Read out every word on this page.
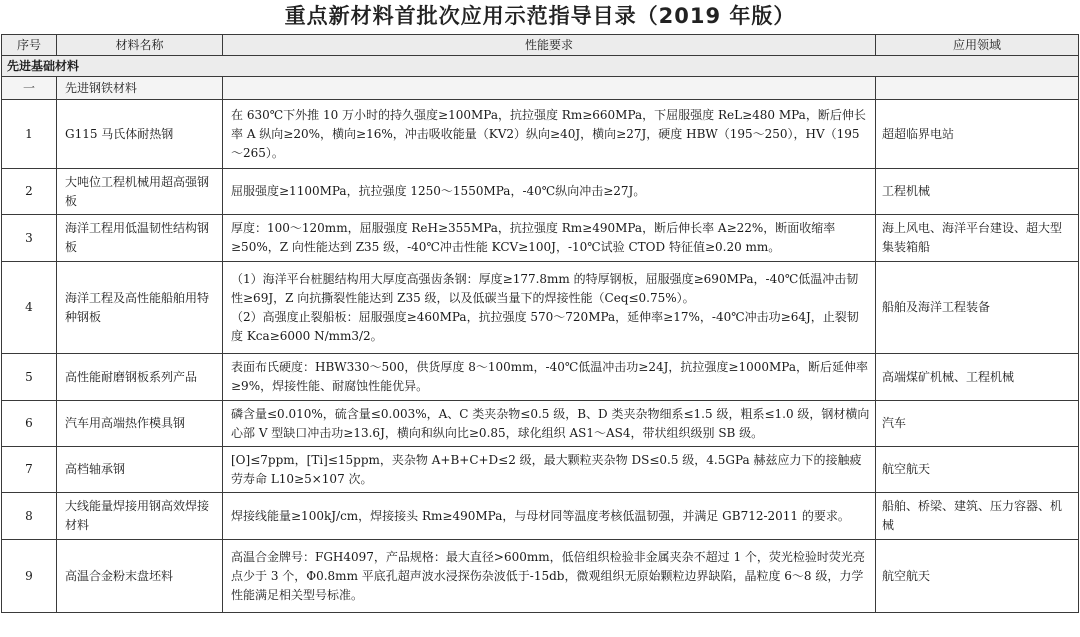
重点新材料首批次应用示范指导目录（2019 年版）
序号	材料名称	性能要求	应用领域
先进基础材料			
一	先进钢铁材料		
1	G115 马氏体耐热钢	在 630℃下外推 10 万小时的持久强度≥100MPa，抗拉强度 Rm≥660MPa，下屈服强度 ReL≥480 MPa，断后伸长率 A 纵向≥20%，横向≥16%，冲击吸收能量（KV2）纵向≥40J，横向≥27J，硬度 HBW（195～250），HV（195～265）。	超超临界电站
2	大吨位工程机械用超高强钢板	屈服强度≥1100MPa，抗拉强度 1250～1550MPa，-40℃纵向冲击≥27J。	工程机械
3	海洋工程用低温韧性结构钢板	厚度：100～120mm，屈服强度 ReH≥355MPa，抗拉强度 Rm≥490MPa，断后伸长率 A≥22%，断面收缩率≥50%，Z 向性能达到 Z35 级，-40℃冲击性能 KCV≥100J，-10℃试验 CTOD 特征值≥0.20 mm。	海上风电、海洋平台建设、超大型集装箱船
4	海洋工程及高性能船舶用特种钢板	（1）海洋平台桩腿结构用大厚度高强齿条钢：厚度≥177.8mm 的特厚钢板，屈服强度≥690MPa，-40℃低温冲击韧性≥69J，Z 向抗撕裂性能达到 Z35 级，以及低碳当量下的焊接性能（Ceq≤0.75%）。
（2）高强度止裂船板：屈服强度≥460MPa，抗拉强度 570～720MPa，延伸率≥17%，-40℃冲击功≥64J，止裂韧度 Kca≥6000 N/mm3/2。	船舶及海洋工程装备
5	高性能耐磨钢板系列产品	表面布氏硬度：HBW330～500，供货厚度 8～100mm，-40℃低温冲击功≥24J，抗拉强度≥1000MPa，断后延伸率≥9%，焊接性能、耐腐蚀性能优异。	高端煤矿机械、工程机械
6	汽车用高端热作模具钢	磷含量≤0.010%，硫含量≤0.003%，A、C 类夹杂物≤0.5 级，B、D 类夹杂物细系≤1.5 级，粗系≤1.0 级，钢材横向心部 V 型缺口冲击功≥13.6J，横向和纵向比≥0.85，球化组织 AS1～AS4，带状组织级别 SB 级。	汽车
7	高档轴承钢	[O]≤7ppm，[Ti]≤15ppm，夹杂物 A+B+C+D≤2 级，最大颗粒夹杂物 DS≤0.5 级，4.5GPa 赫兹应力下的接触疲劳寿命 L10≥5×107 次。	航空航天
8	大线能量焊接用钢高效焊接材料	焊接线能量≥100kJ/cm，焊接接头 Rm≥490MPa，与母材同等温度考核低温韧强，并满足 GB712-2011 的要求。	船舶、桥梁、建筑、压力容器、机械
9	高温合金粉末盘坯料	高温合金牌号：FGH4097，产品规格：最大直径>600mm，低倍组织检验非金属夹杂不超过 1 个，荧光检验时荧光亮点少于 3 个，Φ0.8mm 平底孔超声波水浸探伤杂波低于-15db，微观组织无原始颗粒边界缺陷，晶粒度 6～8 级，力学性能满足相关型号标准。	航空航天
